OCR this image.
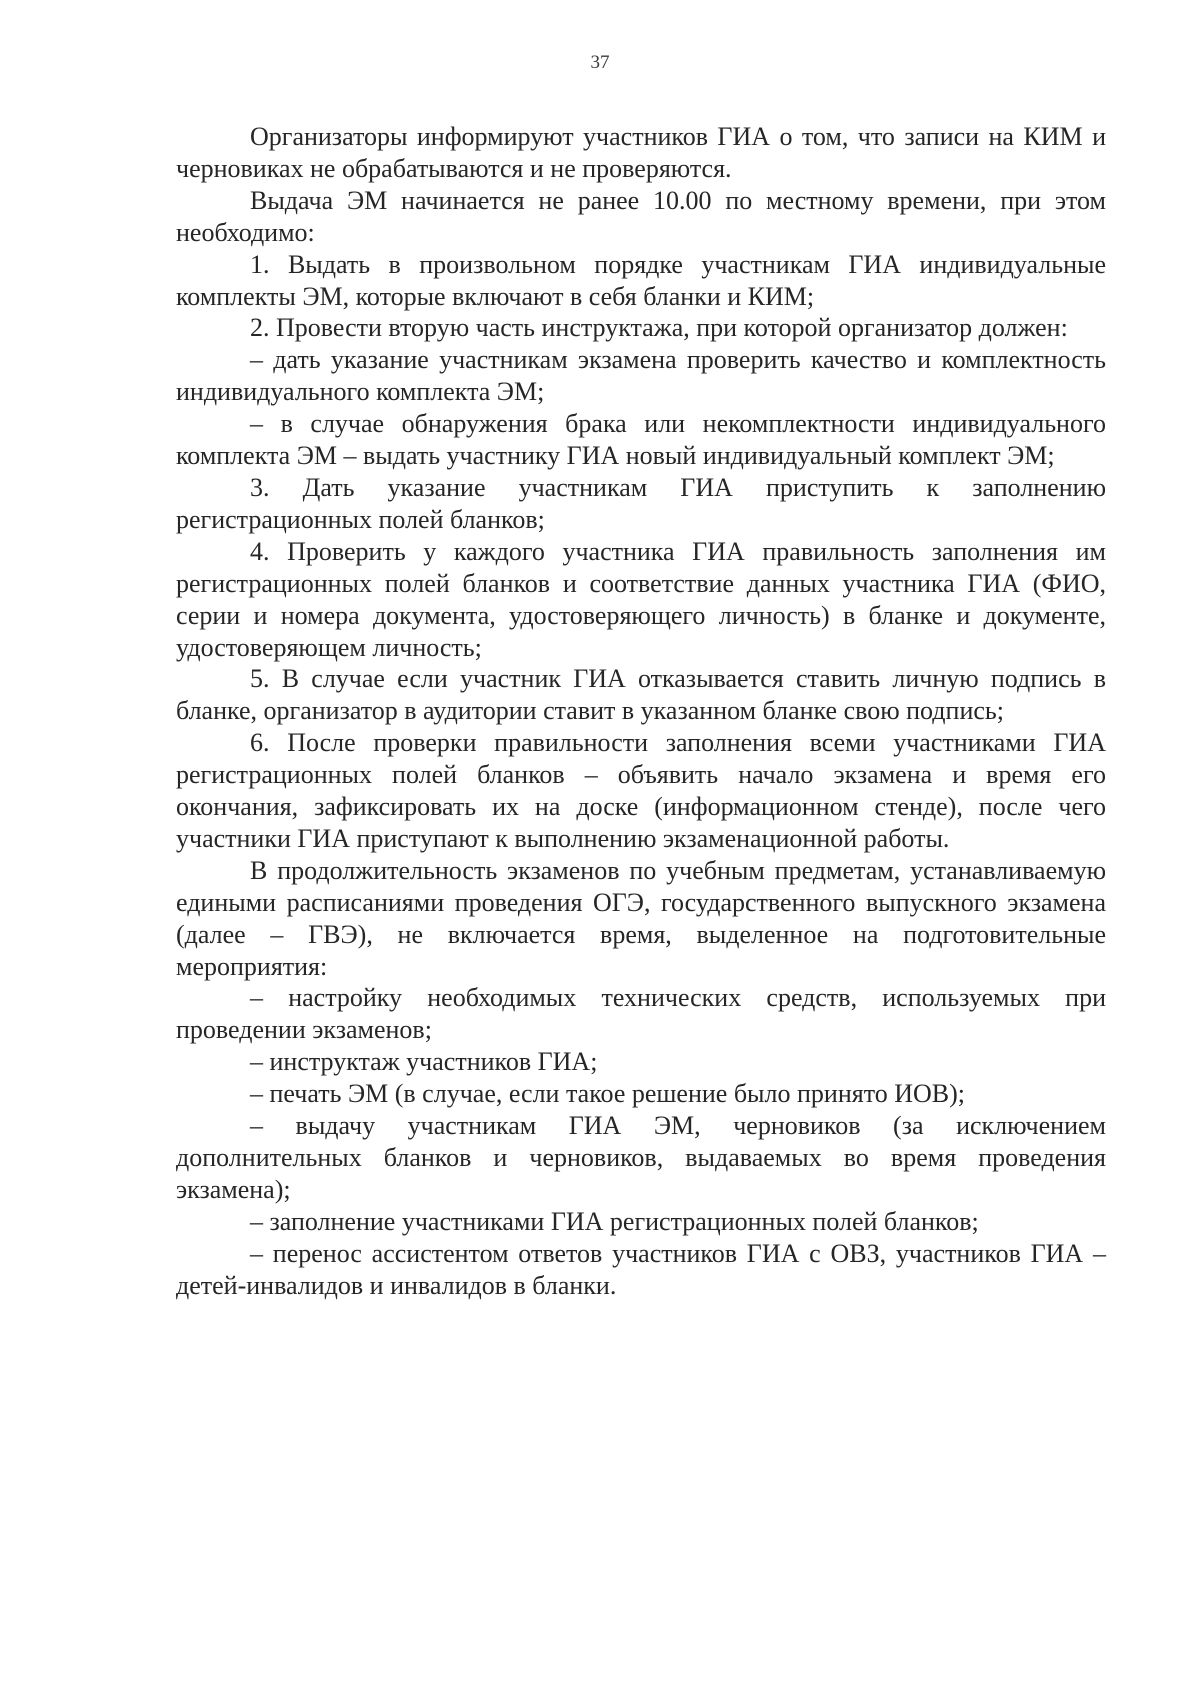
37

Организаторы информируют участников ГИА о том, что записи на КИМ и черновиках не обрабатываются и не проверяются.

Выдача ЭМ начинается не ранее 10.00 по местному времени, при этом необходимо:

1. Выдать в произвольном порядке участникам ГИА индивидуальные комплекты ЭМ, которые включают в себя бланки и КИМ;

2. Провести вторую часть инструктажа, при которой организатор должен:

– дать указание участникам экзамена проверить качество и комплектность индивидуального комплекта ЭМ;

– в случае обнаружения брака или некомплектности индивидуального комплекта ЭМ – выдать участнику ГИА новый индивидуальный комплект ЭМ;

3. Дать указание участникам ГИА приступить к заполнению регистрационных полей бланков;

4. Проверить у каждого участника ГИА правильность заполнения им регистрационных полей бланков и соответствие данных участника ГИА (ФИО, серии и номера документа, удостоверяющего личность) в бланке и документе, удостоверяющем личность;

5. В случае если участник ГИА отказывается ставить личную подпись в бланке, организатор в аудитории ставит в указанном бланке свою подпись;

6. После проверки правильности заполнения всеми участниками ГИА регистрационных полей бланков – объявить начало экзамена и время его окончания, зафиксировать их на доске (информационном стенде), после чего участники ГИА приступают к выполнению экзаменационной работы.

В продолжительность экзаменов по учебным предметам, устанавливаемую едиными расписаниями проведения ОГЭ, государственного выпускного экзамена (далее – ГВЭ), не включается время, выделенное на подготовительные мероприятия:

– настройку необходимых технических средств, используемых при проведении экзаменов;

– инструктаж участников ГИА;

– печать ЭМ (в случае, если такое решение было принято ИОВ);

– выдачу участникам ГИА ЭМ, черновиков (за исключением дополнительных бланков и черновиков, выдаваемых во время проведения экзамена);

– заполнение участниками ГИА регистрационных полей бланков;

– перенос ассистентом ответов участников ГИА с ОВЗ, участников ГИА – детей-инвалидов и инвалидов в бланки.
